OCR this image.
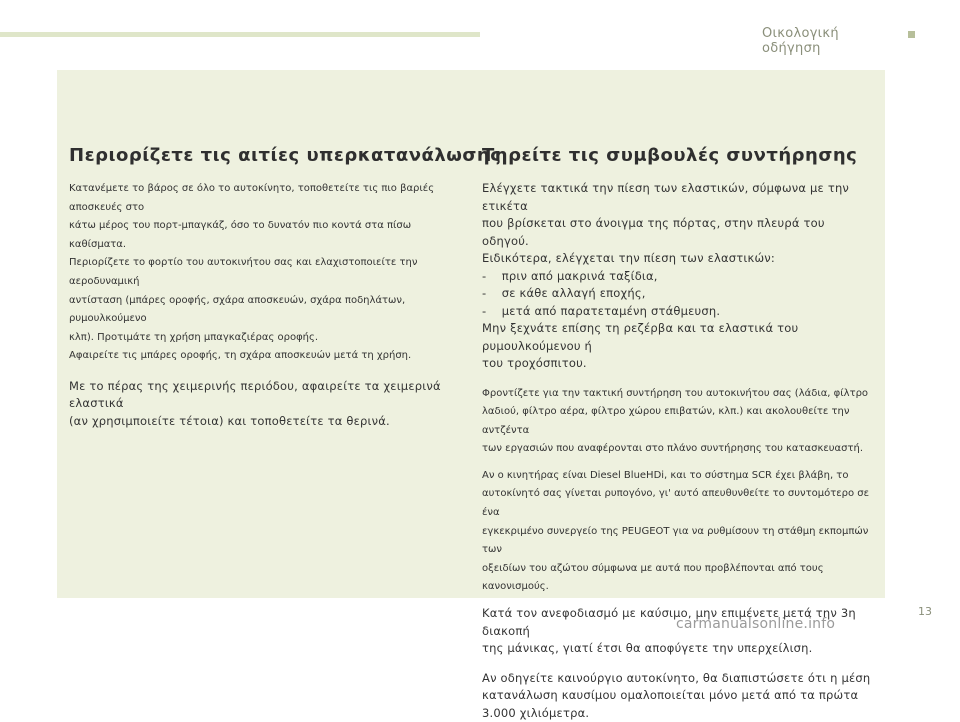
Οικολογική οδήγηση
Περιορίζετε τις αιτίες υπερκατανάλωσης
Κατανέμετε το βάρος σε όλο το αυτοκίνητο, τοποθετείτε τις πιο βαριές αποσκευές στο
κάτω μέρος του πορτ-μπαγκάζ, όσο το δυνατόν πιο κοντά στα πίσω καθίσματα.
Περιορίζετε το φορτίο του αυτοκινήτου σας και ελαχιστοποιείτε την αεροδυναμική
αντίσταση (μπάρες οροφής, σχάρα αποσκευών, σχάρα ποδηλάτων, ρυμουλκούμενο
κλπ). Προτιμάτε τη χρήση μπαγκαζιέρας οροφής.
Αφαιρείτε τις μπάρες οροφής, τη σχάρα αποσκευών μετά τη χρήση.
Με το πέρας της χειμερινής περιόδου, αφαιρείτε τα χειμερινά ελαστικά
(αν χρησιμποιείτε τέτοια) και τοποθετείτε τα θερινά.
Τηρείτε τις συμβουλές συντήρησης
Ελέγχετε τακτικά την πίεση των ελαστικών, σύμφωνα με την ετικέτα
που βρίσκεται στο άνοιγμα της πόρτας, στην πλευρά του οδηγού.
Ειδικότερα, ελέγχεται την πίεση των ελαστικών:
-    πριν από μακρινά ταξίδια,
-    σε κάθε αλλαγή εποχής,
-    μετά από παρατεταμένη στάθμευση.
Μην ξεχνάτε επίσης τη ρεζέρβα και τα ελαστικά του ρυμουλκούμενου ή
του τροχόσπιτου.
Φροντίζετε για την τακτική συντήρηση του αυτοκινήτου σας (λάδια, φίλτρο
λαδιού, φίλτρο αέρα, φίλτρο χώρου επιβατών, κλπ.) και ακολουθείτε την αντζέντα
των εργασιών που αναφέρονται στο πλάνο συντήρησης του κατασκευαστή.
Αν ο κινητήρας είναι Diesel BlueHDi, και το σύστημα SCR έχει βλάβη, το
αυτοκίνητό σας γίνεται ρυπογόνο, γι' αυτό απευθυνθείτε το συντομότερο σε ένα
εγκεκριμένο συνεργείο της PEUGEOT για να ρυθμίσουν τη στάθμη εκπομπών των
οξειδίων του αζώτου σύμφωνα με αυτά που προβλέπονται από τους κανονισμούς.
Κατά τον ανεφοδιασμό με καύσιμο, μην επιμένετε μετά την 3η διακοπή
της μάνικας, γιατί έτσι θα αποφύγετε την υπερχείλιση.
Αν οδηγείτε καινούργιο αυτοκίνητο, θα διαπιστώσετε ότι η μέση
κατανάλωση καυσίμου ομαλοποιείται μόνο μετά από τα πρώτα
3.000 χιλιόμετρα.
13
carmanualsonline.info
